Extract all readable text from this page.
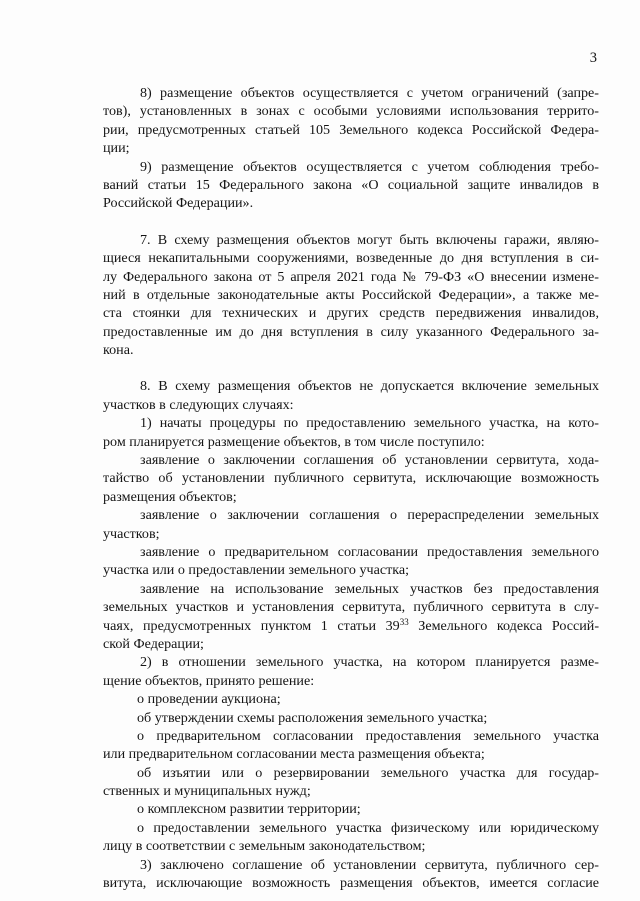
3
8) размещение объектов осуществляется с учетом ограничений (запре-
тов), установленных в зонах с особыми условиями использования террито-
рии, предусмотренных статьей 105 Земельного кодекса Российской Федера-
ции;
9) размещение объектов осуществляется с учетом соблюдения требо-
ваний статьи 15 Федерального закона «О социальной защите инвалидов в
Российской Федерации».
7. В схему размещения объектов могут быть включены гаражи, являю-
щиеся некапитальными сооружениями, возведенные до дня вступления в си-
лу Федерального закона от 5 апреля 2021 года № 79-ФЗ «О внесении измене-
ний в отдельные законодательные акты Российской Федерации», а также ме-
ста стоянки для технических и других средств передвижения инвалидов,
предоставленные им до дня вступления в силу указанного Федерального за-
кона.
8. В схему размещения объектов не допускается включение земельных
участков в следующих случаях:
1) начаты процедуры по предоставлению земельного участка, на кото-
ром планируется размещение объектов, в том числе поступило:
заявление о заключении соглашения об установлении сервитута, хода-
тайство об установлении публичного сервитута, исключающие возможность
размещения объектов;
заявление о заключении соглашения о перераспределении земельных
участков;
заявление о предварительном согласовании предоставления земельного
участка или о предоставлении земельного участка;
заявление на использование земельных участков без предоставления
земельных участков и установления сервитута, публичного сервитута в слу-
чаях, предусмотренных пунктом 1 статьи $39^{33}$ Земельного кодекса Россий-
ской Федерации;
2) в отношении земельного участка, на котором планируется разме-
щение объектов, принято решение:
о проведении аукциона;
об утверждении схемы расположения земельного участка;
о предварительном согласовании предоставления земельного участка
или предварительном согласовании места размещения объекта;
об изъятии или о резервировании земельного участка для государ-
ственных и муниципальных нужд;
о комплексном развитии территории;
о предоставлении земельного участка физическому или юридическому
лицу в соответствии с земельным законодательством;
3) заключено соглашение об установлении сервитута, публичного сер-
витута, исключающие возможность размещения объектов, имеется согласие
